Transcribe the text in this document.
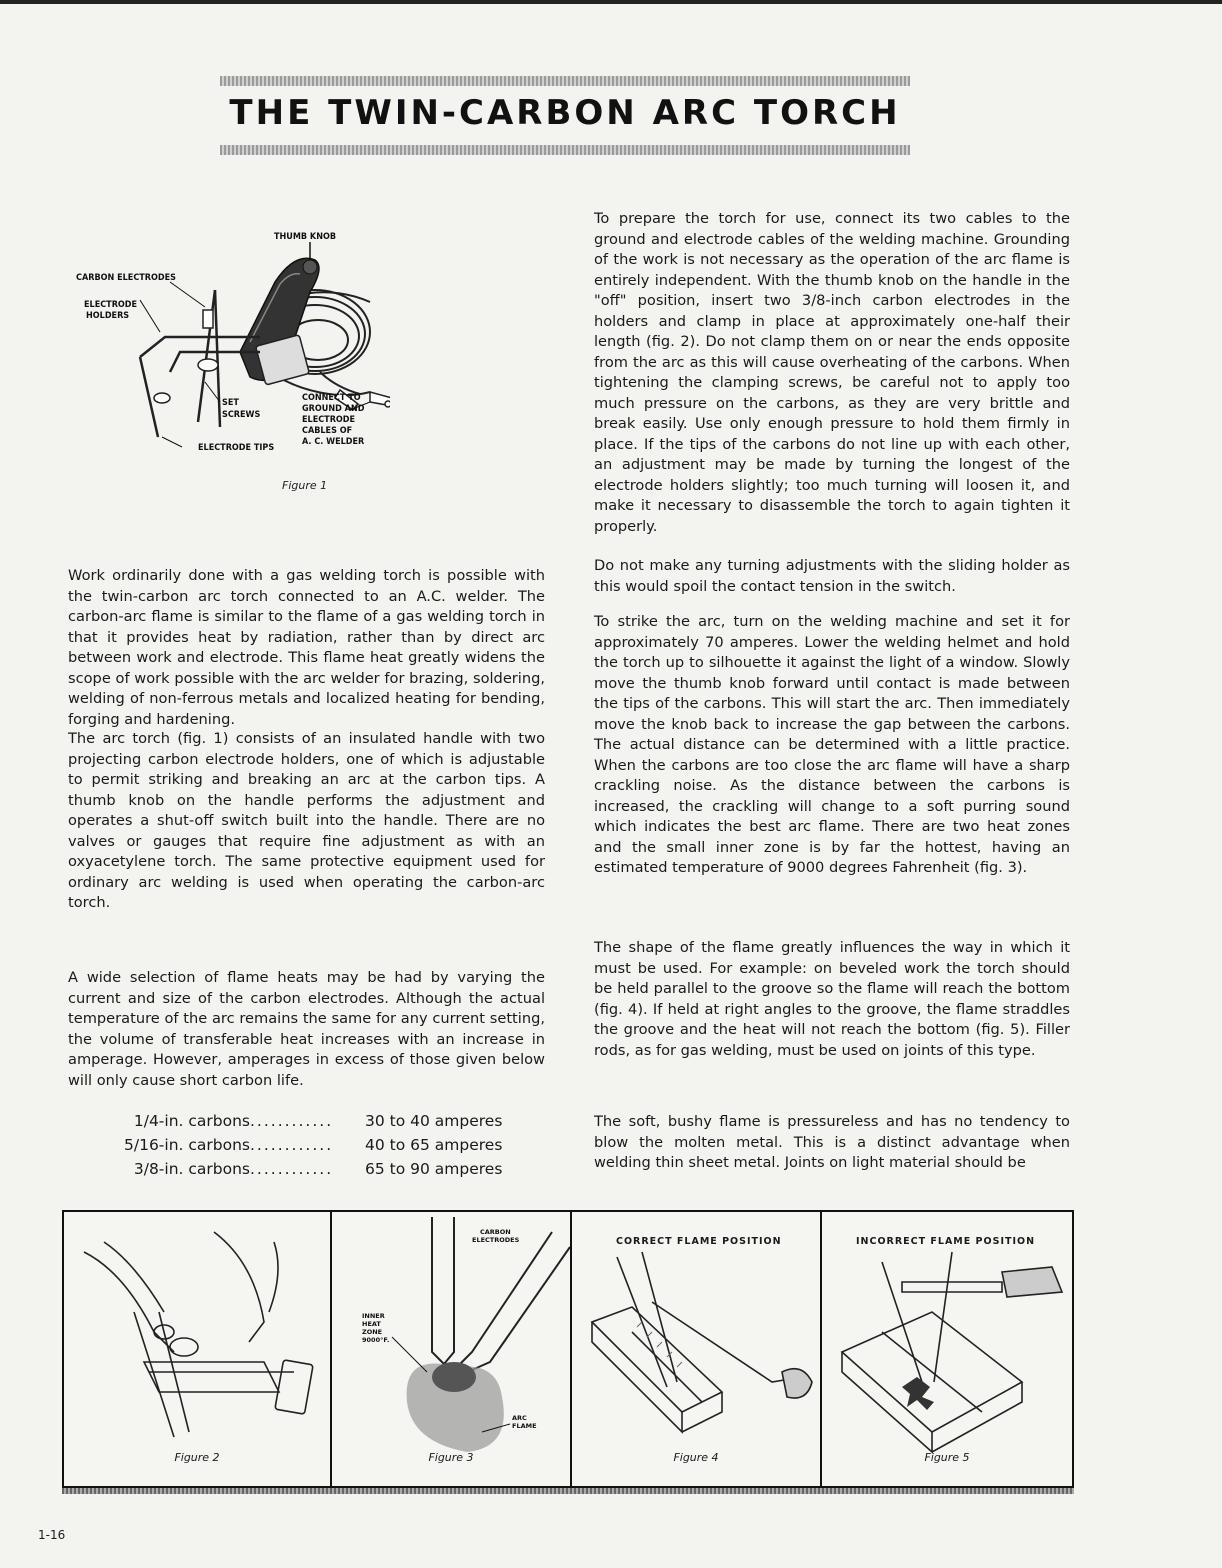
THE TWIN-CARBON ARC TORCH
THUMB KNOB
CARBON ELECTRODES
ELECTRODE
HOLDERS
SET
SCREWS
ELECTRODE TIPS
CONNECT TO
GROUND AND
ELECTRODE
CABLES OF
A. C. WELDER
Figure 1

Work ordinarily done with a gas welding torch is possible with the twin-carbon arc torch connected to an A.C. welder. The carbon-arc flame is similar to the flame of a gas welding torch in that it provides heat by radiation, rather than by direct arc between work and electrode. This flame heat greatly widens the scope of work possible with the arc welder for brazing, soldering, welding of non-ferrous metals and localized heating for bending, forging and hardening.

The arc torch (fig. 1) consists of an insulated handle with two projecting carbon electrode holders, one of which is adjustable to permit striking and breaking an arc at the carbon tips. A thumb knob on the handle performs the adjustment and operates a shut-off switch built into the handle. There are no valves or gauges that require fine adjustment as with an oxyacetylene torch. The same protective equipment used for ordinary arc welding is used when operating the carbon-arc torch.

A wide selection of flame heats may be had by varying the current and size of the carbon electrodes. Although the actual temperature of the arc remains the same for any current setting, the volume of transferable heat increases with an increase in amperage. However, amperages in excess of those given below will only cause short carbon life.

1/4-in. carbons ............	30 to 40 amperes
5/16-in. carbons ............	40 to 65 amperes
3/8-in. carbons ............	65 to 90 amperes

To prepare the torch for use, connect its two cables to the ground and electrode cables of the welding machine. Grounding of the work is not necessary as the operation of the arc flame is entirely independent. With the thumb knob on the handle in the "off" position, insert two 3/8-inch carbon electrodes in the holders and clamp in place at approximately one-half their length (fig. 2). Do not clamp them on or near the ends opposite from the arc as this will cause overheating of the carbons. When tightening the clamping screws, be careful not to apply too much pressure on the carbons, as they are very brittle and break easily. Use only enough pressure to hold them firmly in place. If the tips of the carbons do not line up with each other, an adjustment may be made by turning the longest of the electrode holders slightly; too much turning will loosen it, and make it necessary to disassemble the torch to again tighten it properly.

Do not make any turning adjustments with the sliding holder as this would spoil the contact tension in the switch.

To strike the arc, turn on the welding machine and set it for approximately 70 amperes. Lower the welding helmet and hold the torch up to silhouette it against the light of a window. Slowly move the thumb knob forward until contact is made between the tips of the carbons. This will start the arc. Then immediately move the knob back to increase the gap between the carbons. The actual distance can be determined with a little practice. When the carbons are too close the arc flame will have a sharp crackling noise. As the distance between the carbons is increased, the crackling will change to a soft purring sound which indicates the best arc flame. There are two heat zones and the small inner zone is by far the hottest, having an estimated temperature of 9000 degrees Fahrenheit (fig. 3).

The shape of the flame greatly influences the way in which it must be used. For example: on beveled work the torch should be held parallel to the groove so the flame will reach the bottom (fig. 4). If held at right angles to the groove, the flame straddles the groove and the heat will not reach the bottom (fig. 5). Filler rods, as for gas welding, must be used on joints of this type.

The soft, bushy flame is pressureless and has no tendency to blow the molten metal. This is a distinct advantage when welding thin sheet metal. Joints on light material should be

Figure 2
CARBON
ELECTRODES
INNER
HEAT
ZONE
9000°F.
ARC
FLAME
Figure 3
CORRECT FLAME POSITION
Figure 4
INCORRECT FLAME POSITION
Figure 5
1-16
